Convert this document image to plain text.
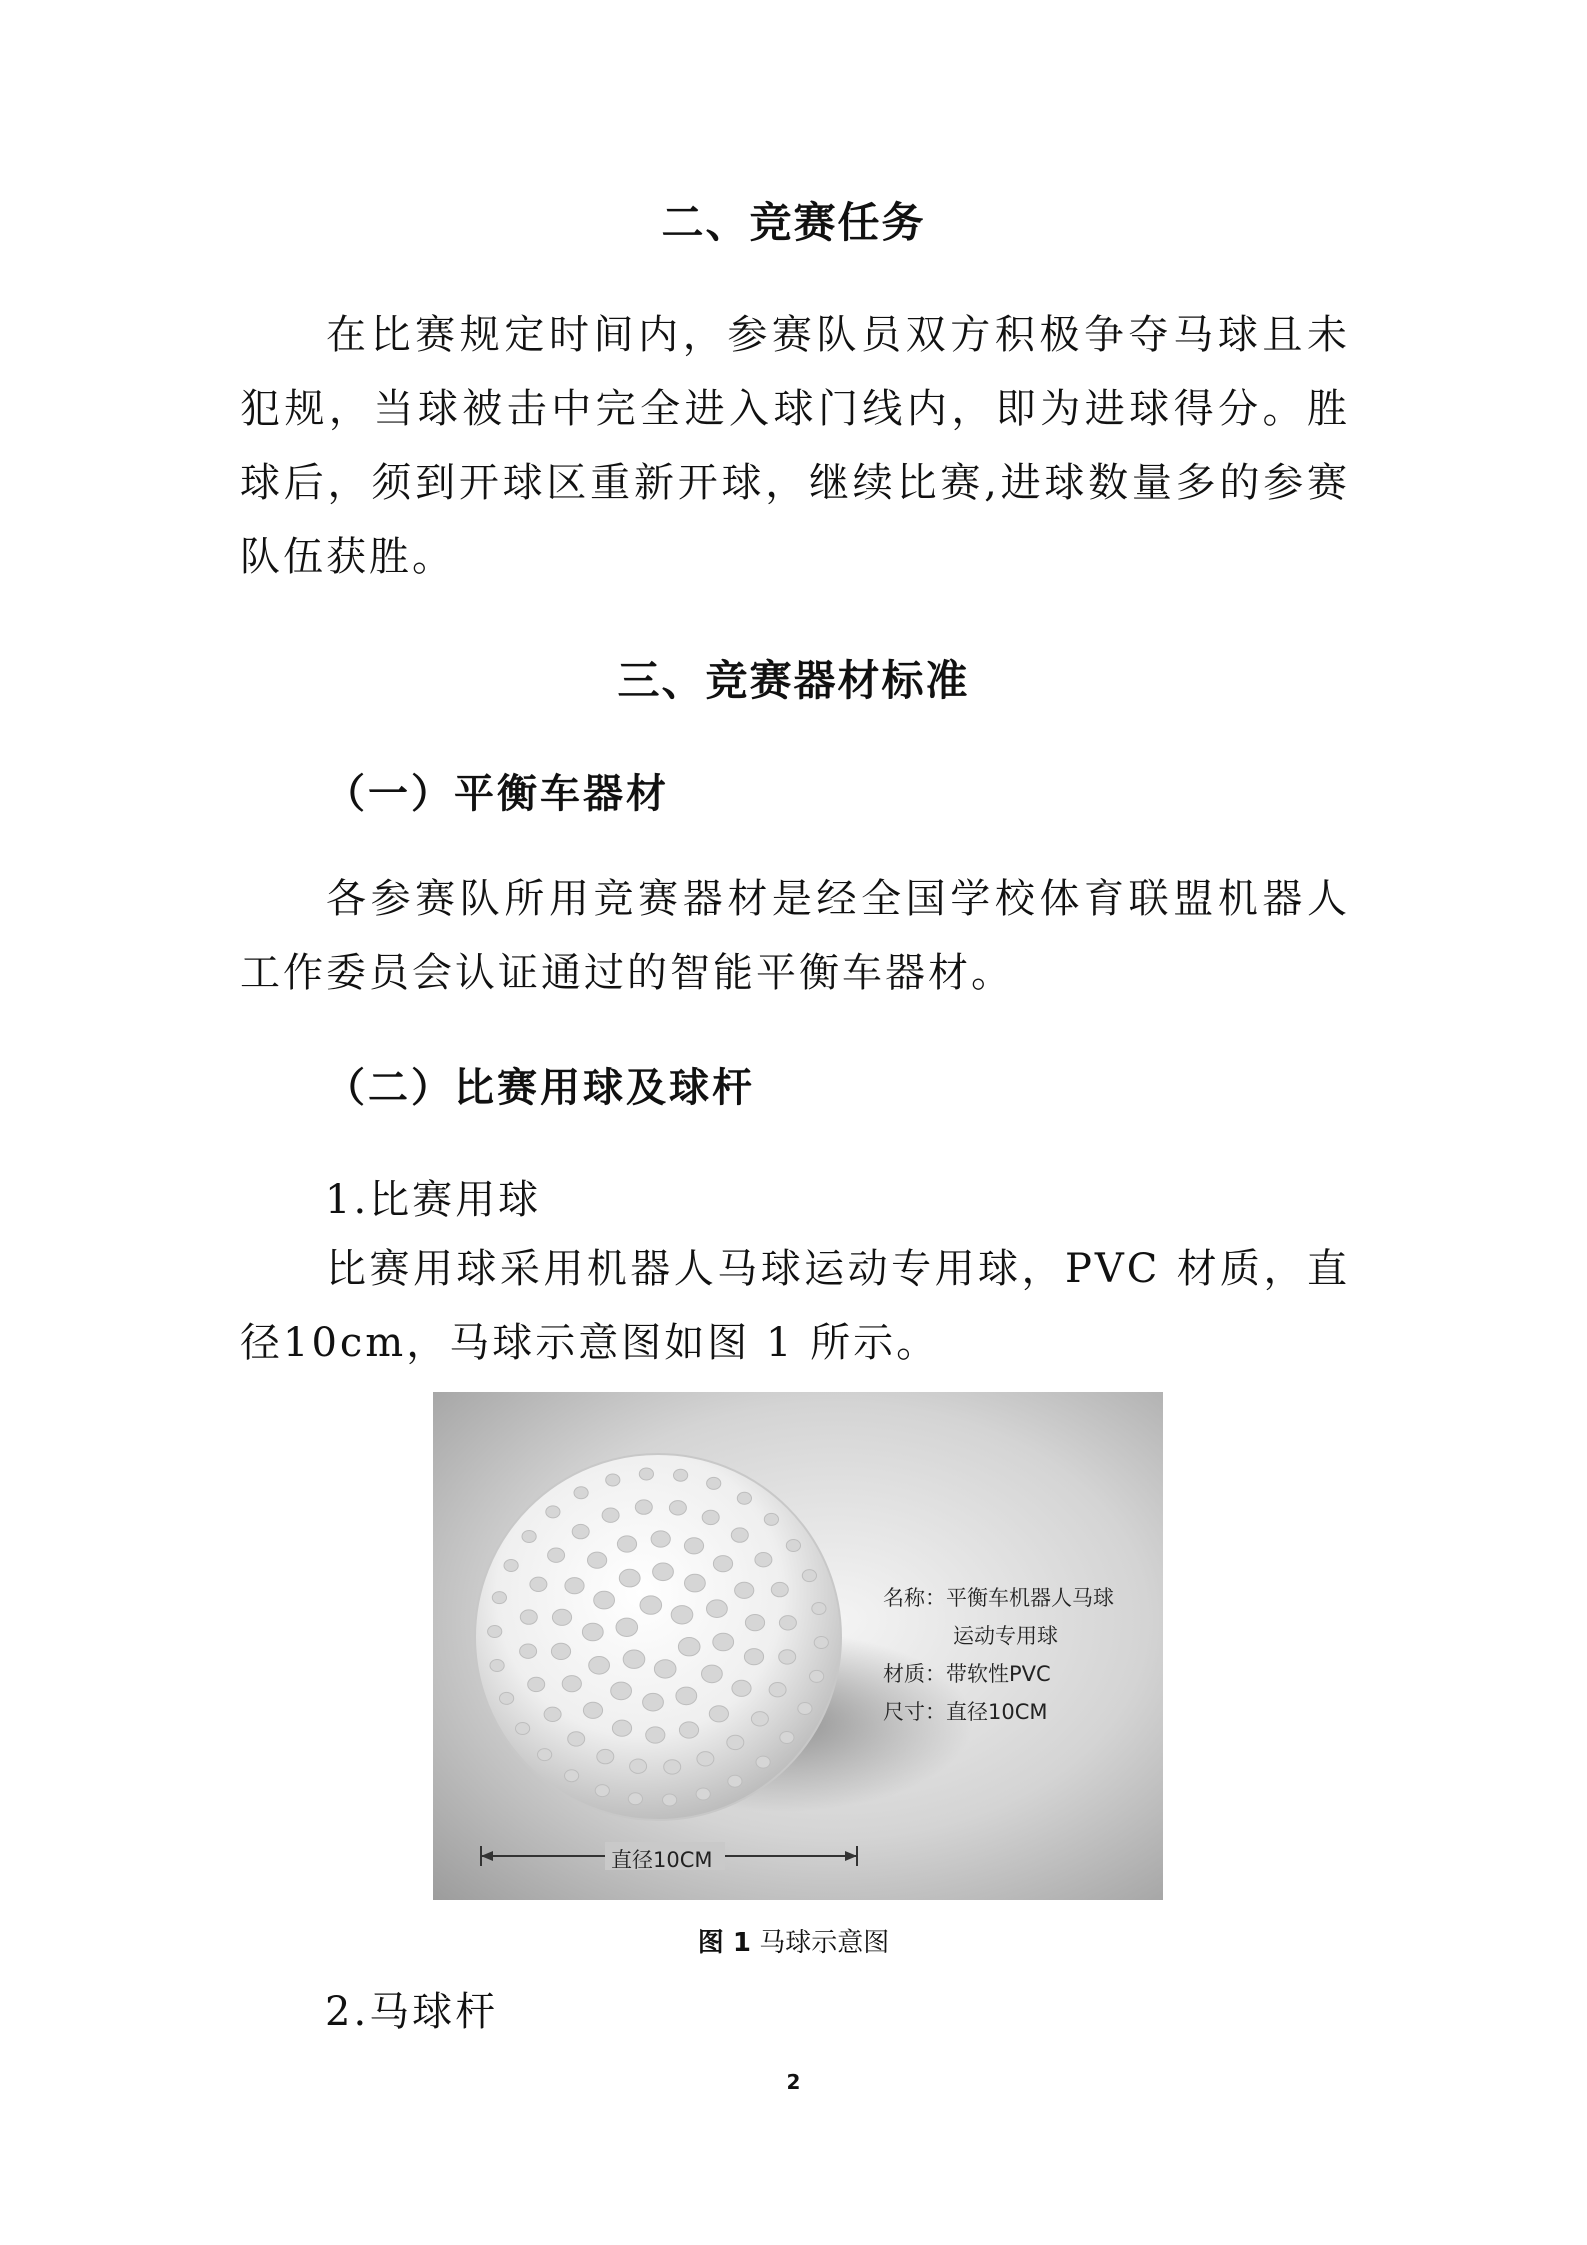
二、竞赛任务
在比赛规定时间内，参赛队员双方积极争夺马球且未犯规，当球被击中完全进入球门线内，即为进球得分。胜球后，须到开球区重新开球，继续比赛,进球数量多的参赛队伍获胜。
三、竞赛器材标准
（一）平衡车器材
各参赛队所用竞赛器材是经全国学校体育联盟机器人工作委员会认证通过的智能平衡车器材。
（二）比赛用球及球杆
1.比赛用球
比赛用球采用机器人马球运动专用球，PVC 材质，直径10cm，马球示意图如图 1 所示。
名称：平衡车机器人马球
运动专用球
材质：带软性PVC
尺寸：直径10CM
直径10CM
图 1 马球示意图
2.马球杆
2
